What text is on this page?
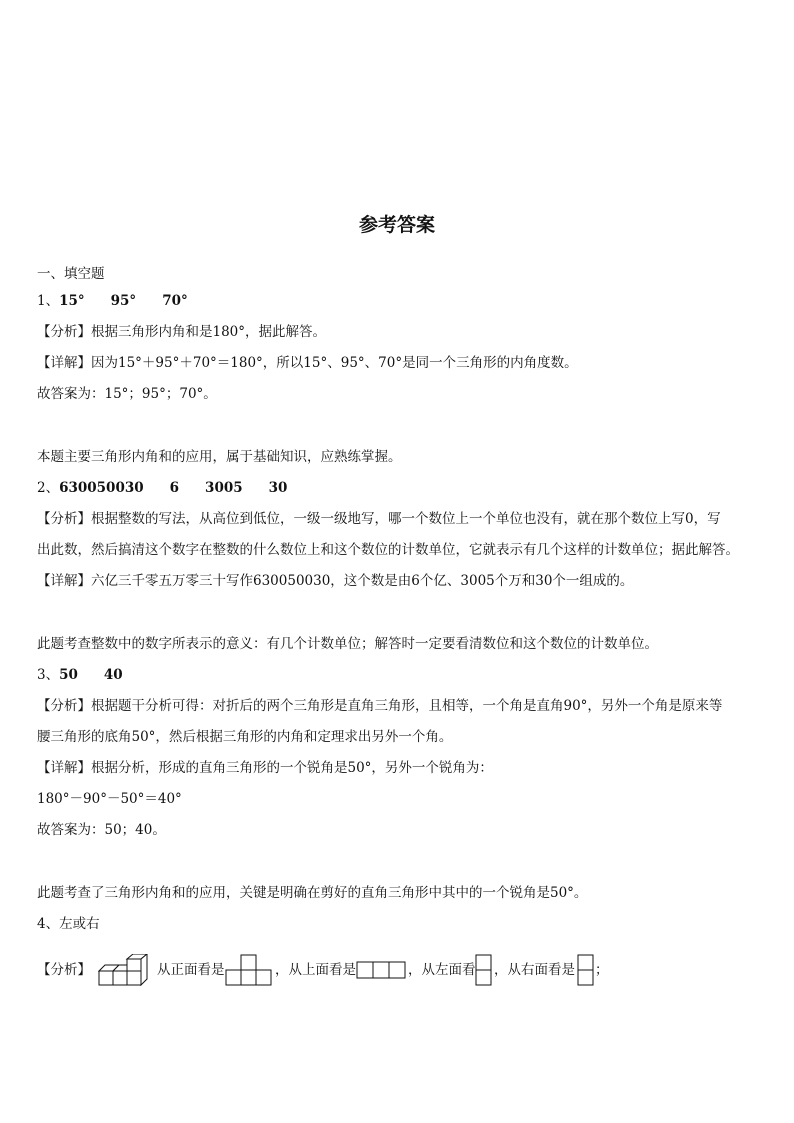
参考答案
一、填空题
1、15° 95° 70°
【分析】根据三角形内角和是180°，据此解答。
【详解】因为15°＋95°＋70°＝180°，所以15°、95°、70°是同一个三角形的内角度数。
故答案为：15°；95°；70°。
本题主要三角形内角和的应用，属于基础知识，应熟练掌握。
2、630050030 6 3005 30
【分析】根据整数的写法，从高位到低位，一级一级地写，哪一个数位上一个单位也没有，就在那个数位上写0，写
出此数，然后搞清这个数字在整数的什么数位上和这个数位的计数单位，它就表示有几个这样的计数单位；据此解答。
【详解】六亿三千零五万零三十写作630050030，这个数是由6个亿、3005个万和30个一组成的。
此题考查整数中的数字所表示的意义：有几个计数单位；解答时一定要看清数位和这个数位的计数单位。
3、50 40
【分析】根据题干分析可得：对折后的两个三角形是直角三角形，且相等，一个角是直角90°，另外一个角是原来等
腰三角形的底角50°，然后根据三角形的内角和定理求出另外一个角。
【详解】根据分析，形成的直角三角形的一个锐角是50°，另外一个锐角为：
180°－90°－50°＝40°
故答案为：50；40。
此题考查了三角形内角和的应用，关键是明确在剪好的直角三角形中其中的一个锐角是50°。
4、左或右
【分析】	从正面看是	，从上面看是	，从左面看 ，从右面看是 ；
